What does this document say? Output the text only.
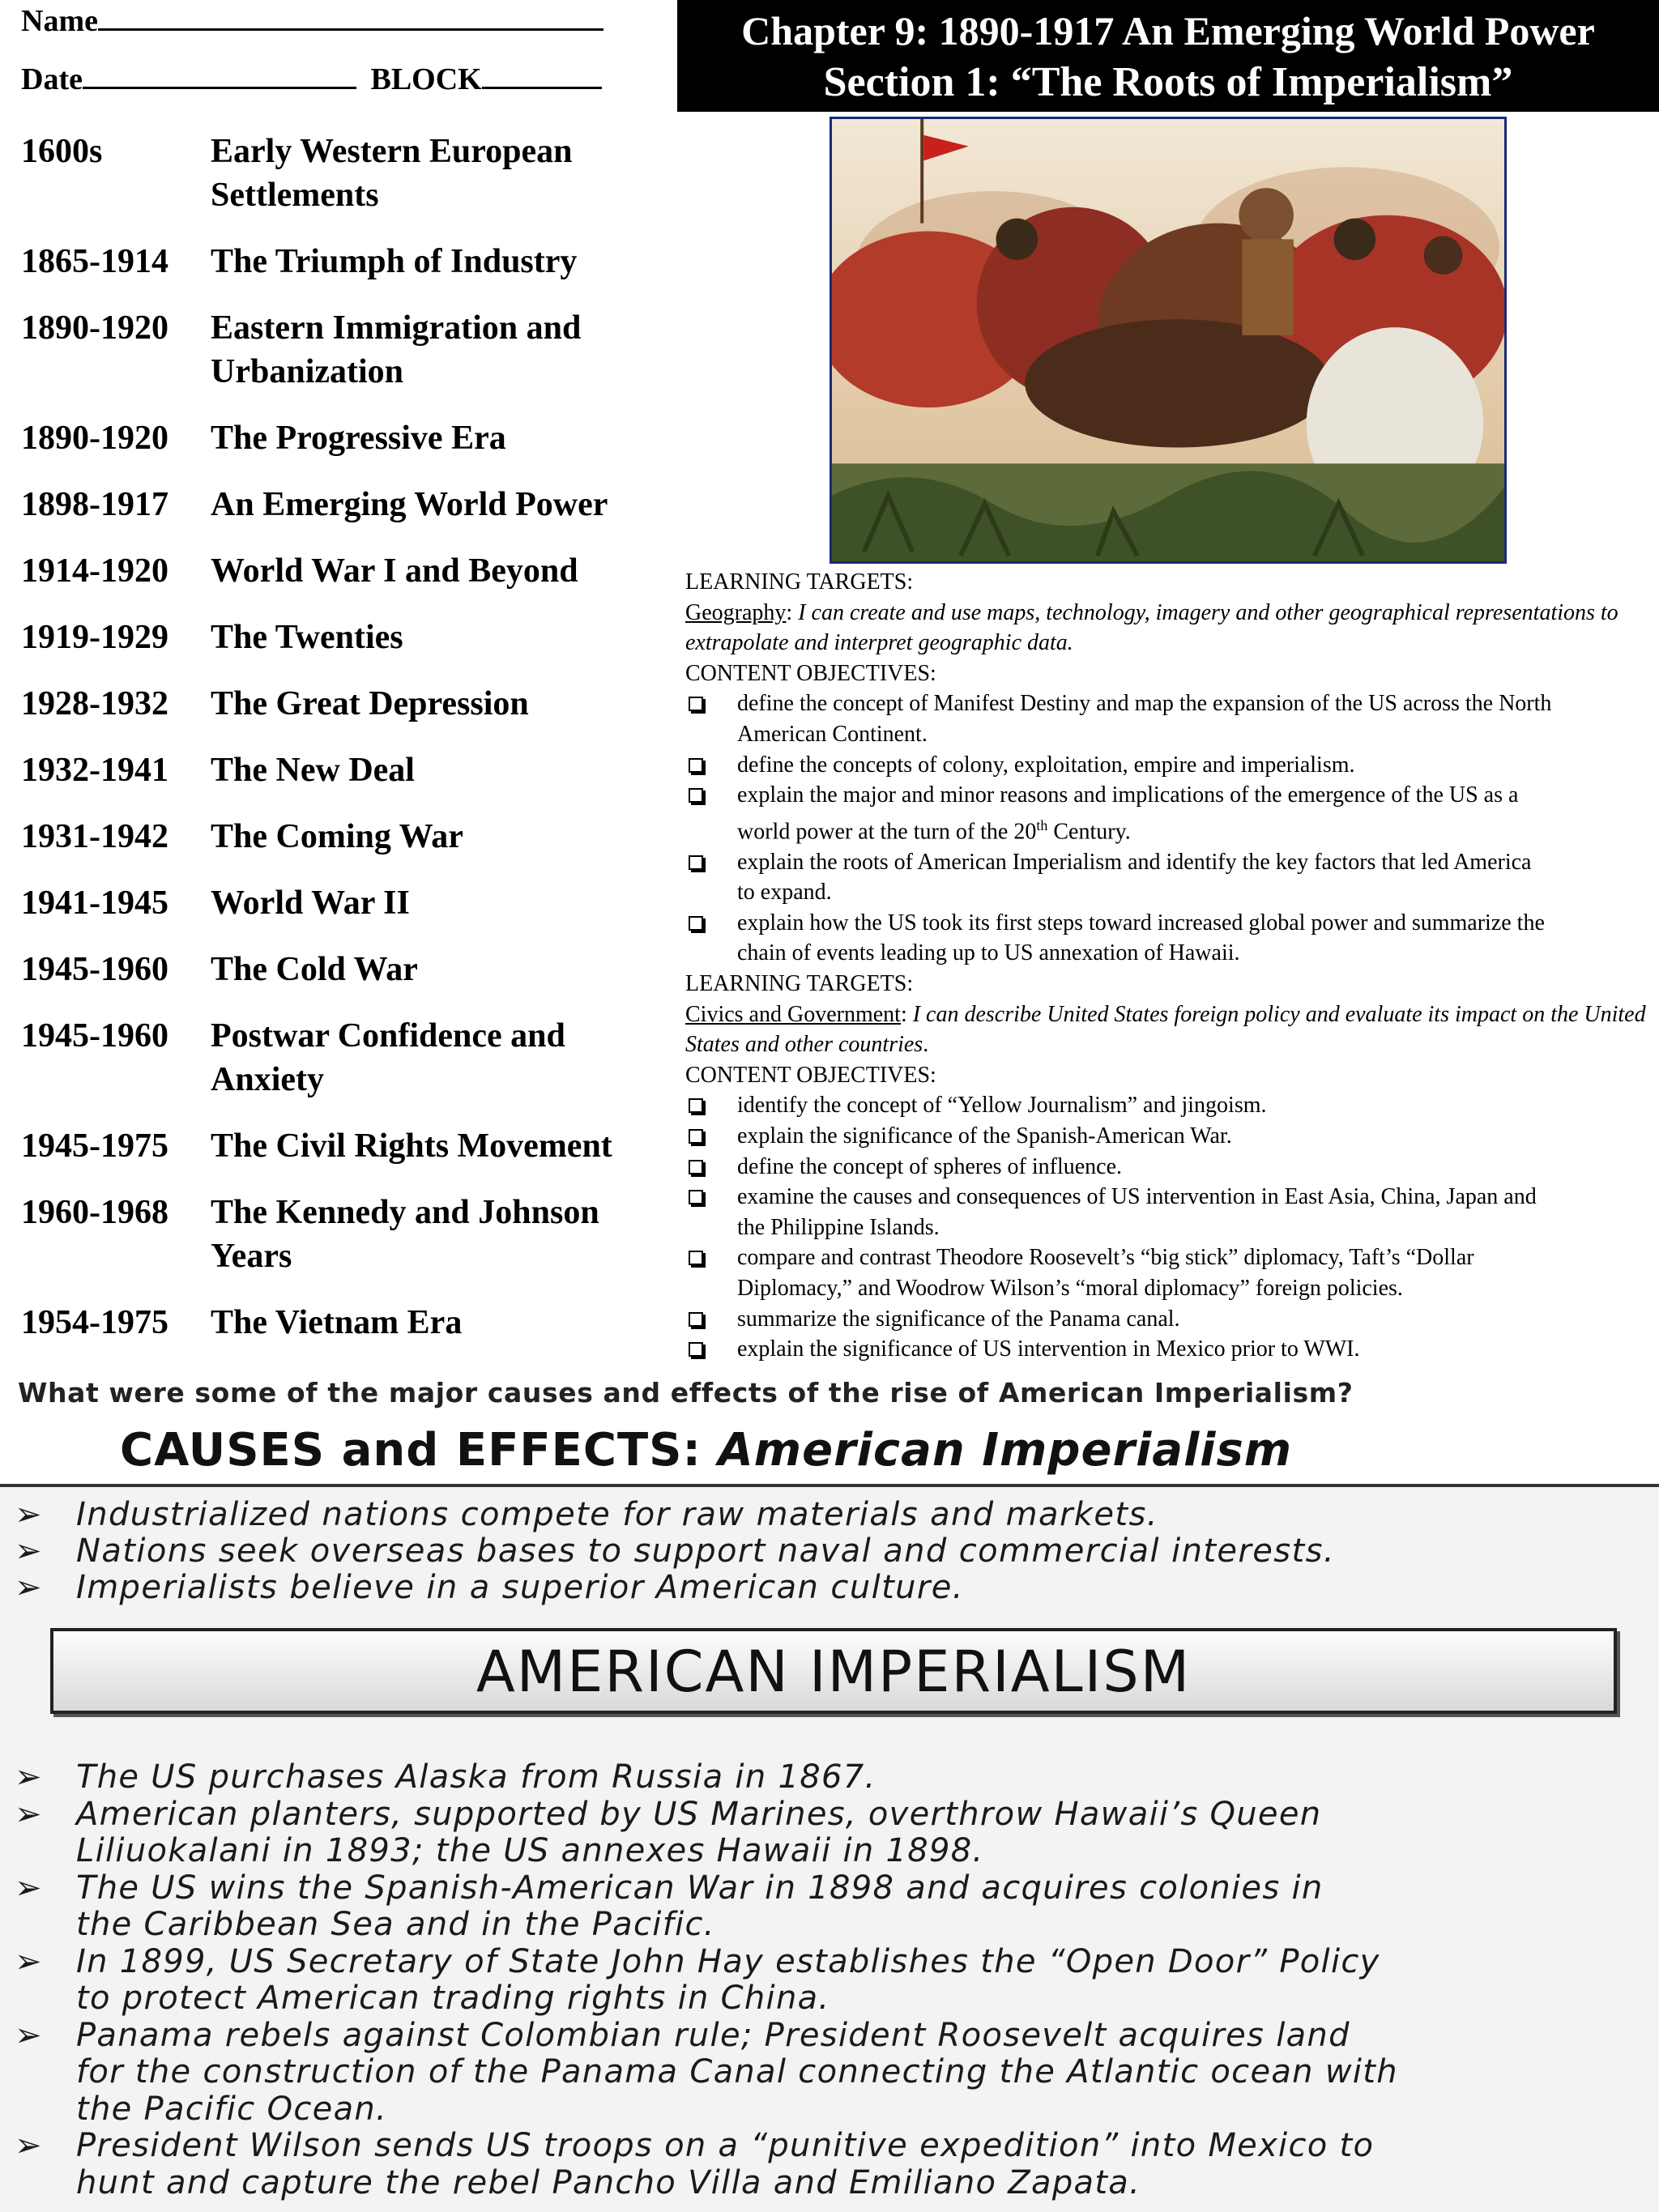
Name
Date	BLOCK
1600s	Early Western European Settlements
1865-1914	The Triumph of Industry
1890-1920	Eastern Immigration and Urbanization
1890-1920	The Progressive Era
1898-1917	An Emerging World Power
1914-1920	World War I and Beyond
1919-1929	The Twenties
1928-1932	The Great Depression
1932-1941	The New Deal
1931-1942	The Coming War
1941-1945	World War II
1945-1960	The Cold War
1945-1960	Postwar Confidence and Anxiety
1945-1975	The Civil Rights Movement
1960-1968	The Kennedy and Johnson Years
1954-1975	The Vietnam Era
Chapter 9: 1890-1917 An Emerging World Power
Section 1: “The Roots of Imperialism”
LEARNING TARGETS:
Geography: I can create and use maps, technology, imagery and other geographical representations to extrapolate and interpret geographic data.
CONTENT OBJECTIVES:
define the concept of Manifest Destiny and map the expansion of the US across the North
American Continent.
define the concepts of colony, exploitation, empire and imperialism.
explain the major and minor reasons and implications of the emergence of the US as a
world power at the turn of the 20th Century.
explain the roots of American Imperialism and identify the key factors that led America
to expand.
explain how the US took its first steps toward increased global power and summarize the
chain of events leading up to US annexation of Hawaii.
LEARNING TARGETS:
Civics and Government: I can describe United States foreign policy and evaluate its impact on the United States and other countries.
CONTENT OBJECTIVES:
identify the concept of “Yellow Journalism” and jingoism.
explain the significance of the Spanish-American War.
define the concept of spheres of influence.
examine the causes and consequences of US intervention in East Asia, China, Japan and
the Philippine Islands.
compare and contrast Theodore Roosevelt’s “big stick” diplomacy, Taft’s “Dollar
Diplomacy,” and Woodrow Wilson’s “moral diplomacy” foreign policies.
summarize the significance of the Panama canal.
explain the significance of US intervention in Mexico prior to WWI.
What were some of the major causes and effects of the rise of American Imperialism?
CAUSES and EFFECTS: American Imperialism
➢ Industrialized nations compete for raw materials and markets.
➢ Nations seek overseas bases to support naval and commercial interests.
➢ Imperialists believe in a superior American culture.
AMERICAN IMPERIALISM
➢ The US purchases Alaska from Russia in 1867.
➢ American planters, supported by US Marines, overthrow Hawaii’s Queen
Liliuokalani in 1893; the US annexes Hawaii in 1898.
➢ The US wins the Spanish-American War in 1898 and acquires colonies in
the Caribbean Sea and in the Pacific.
➢ In 1899, US Secretary of State John Hay establishes the “Open Door” Policy
to protect American trading rights in China.
➢ Panama rebels against Colombian rule; President Roosevelt acquires land
for the construction of the Panama Canal connecting the Atlantic ocean with
the Pacific Ocean.
➢ President Wilson sends US troops on a “punitive expedition” into Mexico to
hunt and capture the rebel Pancho Villa and Emiliano Zapata.
